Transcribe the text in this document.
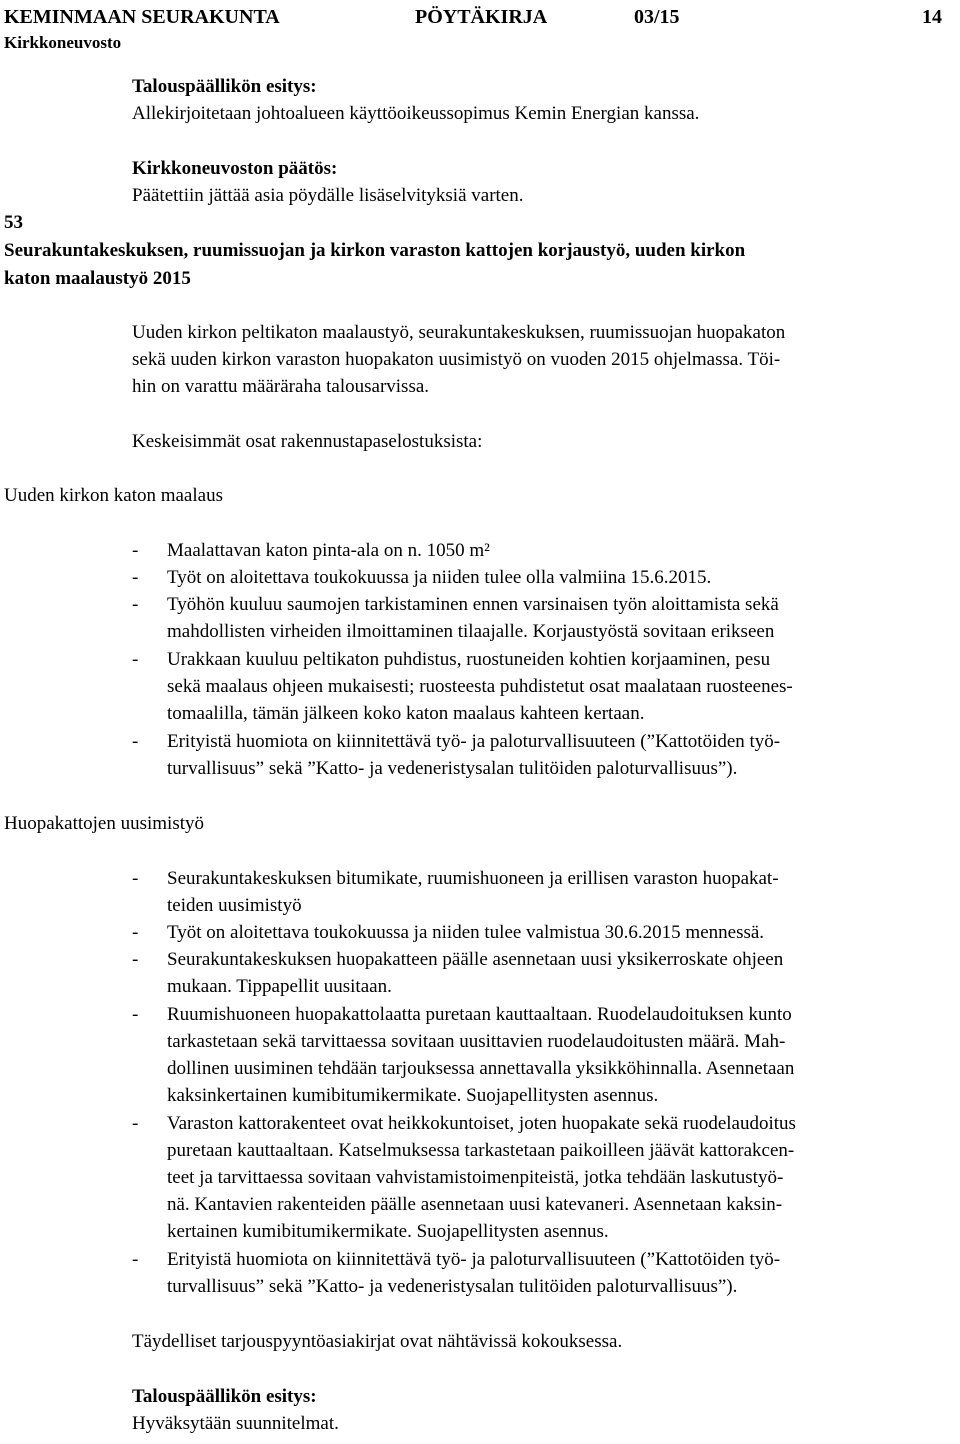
KEMINMAAN SEURAKUNTA	PÖYTÄKIRJA	03/15	14
Kirkkoneuvosto
Talouspäällikön esitys:
Allekirjoitetaan johtoalueen käyttöoikeussopimus Kemin Energian kanssa.
Kirkkoneuvoston päätös:
Päätettiin jättää asia pöydälle lisäselvityksiä varten.
53
Seurakuntakeskuksen, ruumissuojan ja kirkon varaston kattojen korjaustyö, uuden kirkon
katon maalaustyö 2015
Uuden kirkon peltikaton maalaustyö, seurakuntakeskuksen, ruumissuojan huopakaton
sekä uuden kirkon varaston huopakaton uusimistyö on vuoden 2015 ohjelmassa. Töi-
hin on varattu määräraha talousarvissa.
Keskeisimmät osat rakennustapaselostuksista:
Uuden kirkon katon maalaus
- Maalattavan katon pinta-ala on n. 1050 m²
- Työt on aloitettava toukokuussa ja niiden tulee olla valmiina 15.6.2015.
- Työhön kuuluu saumojen tarkistaminen ennen varsinaisen työn aloittamista sekä
mahdollisten virheiden ilmoittaminen tilaajalle. Korjaustyöstä sovitaan erikseen
- Urakkaan kuuluu peltikaton puhdistus, ruostuneiden kohtien korjaaminen, pesu
sekä maalaus ohjeen mukaisesti; ruosteesta puhdistetut osat maalataan ruosteenes-
tomaalilla, tämän jälkeen koko katon maalaus kahteen kertaan.
- Erityistä huomiota on kiinnitettävä työ- ja paloturvallisuuteen (”Kattotöiden työ-
turvallisuus” sekä ”Katto- ja vedeneristysalan tulitöiden paloturvallisuus”).
Huopakattojen uusimistyö
- Seurakuntakeskuksen bitumikate, ruumishuoneen ja erillisen varaston huopakat-
teiden uusimistyö
- Työt on aloitettava toukokuussa ja niiden tulee valmistua 30.6.2015 mennessä.
- Seurakuntakeskuksen huopakatteen päälle asennetaan uusi yksikerroskate ohjeen
mukaan. Tippapellit uusitaan.
- Ruumishuoneen huopakattolaatta puretaan kauttaaltaan. Ruodelaudoituksen kunto
tarkastetaan sekä tarvittaessa sovitaan uusittavien ruodelaudoitusten määrä. Mah-
dollinen uusiminen tehdään tarjouksessa annettavalla yksikköhinnalla. Asennetaan
kaksinkertainen kumibitumikermikate. Suojapellitysten asennus.
- Varaston kattorakenteet ovat heikkokuntoiset, joten huopakate sekä ruodelaudoitus
puretaan kauttaaltaan. Katselmuksessa tarkastetaan paikoilleen jäävät kattorakcen-
teet ja tarvittaessa sovitaan vahvistamistoimenpiteistä, jotka tehdään laskutustyö-
nä. Kantavien rakenteiden päälle asennetaan uusi katevaneri. Asennetaan kaksin-
kertainen kumibitumikermikate. Suojapellitysten asennus.
- Erityistä huomiota on kiinnitettävä työ- ja paloturvallisuuteen (”Kattotöiden työ-
turvallisuus” sekä ”Katto- ja vedeneristysalan tulitöiden paloturvallisuus”).
Täydelliset tarjouspyyntöasiakirjat ovat nähtävissä kokouksessa.
Talouspäällikön esitys:
Hyväksytään suunnitelmat.
